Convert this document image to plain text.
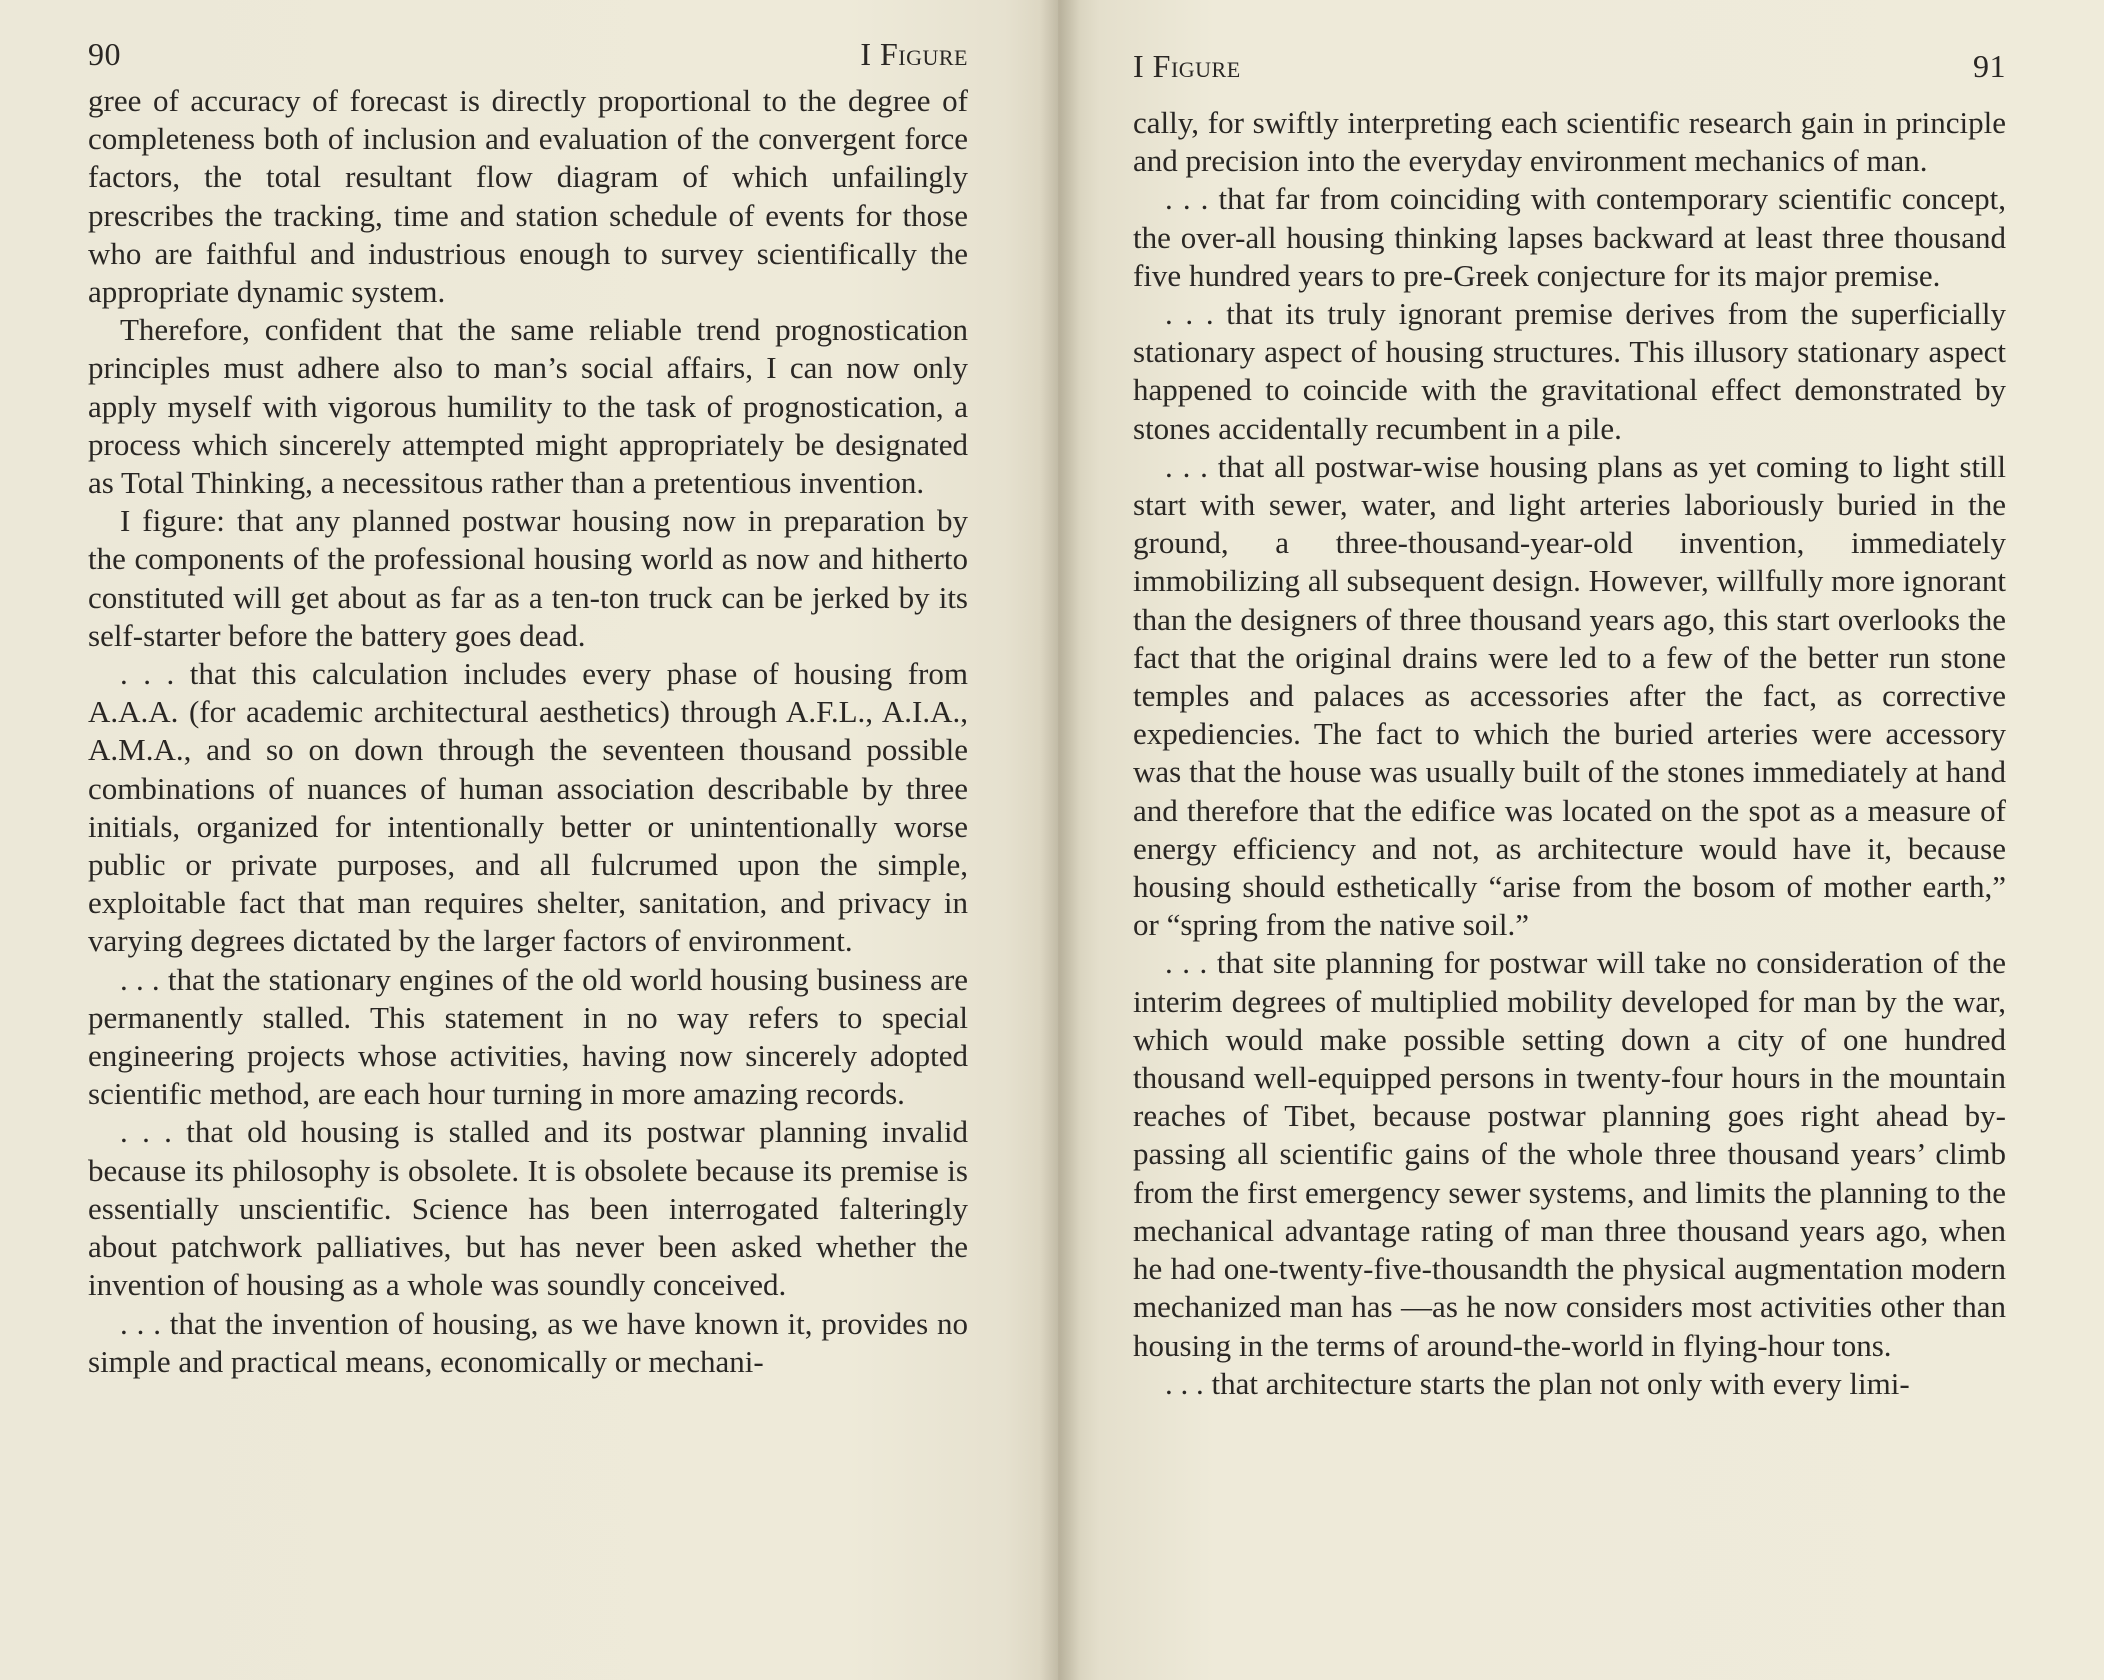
90	I Figure

gree of accuracy of forecast is directly proportional to the degree of completeness both of inclusion and evaluation of the convergent force factors, the total resultant flow diagram of which unfailingly prescribes the tracking, time and station schedule of events for those who are faithful and industrious enough to survey scientifically the appropriate dynamic system.

Therefore, confident that the same reliable trend prognostication principles must adhere also to man’s social affairs, I can now only apply myself with vigorous humility to the task of prognostication, a process which sincerely attempted might appropriately be designated as Total Thinking, a necessitous rather than a pretentious invention.

I figure: that any planned postwar housing now in preparation by the components of the professional housing world as now and hitherto constituted will get about as far as a ten-ton truck can be jerked by its self-starter before the battery goes dead.

. . . that this calculation includes every phase of housing from A.A.A. (for academic architectural aesthetics) through A.F.L., A.I.A., A.M.A., and so on down through the seventeen thousand possible combinations of nuances of human association describable by three initials, organized for intentionally better or unintentionally worse public or private purposes, and all fulcrumed upon the simple, exploitable fact that man requires shelter, sanitation, and privacy in varying degrees dictated by the larger factors of environment.

. . . that the stationary engines of the old world housing business are permanently stalled. This statement in no way refers to special engineering projects whose activities, having now sincerely adopted scientific method, are each hour turning in more amazing records.

. . . that old housing is stalled and its postwar planning invalid because its philosophy is obsolete. It is obsolete because its premise is essentially unscientific. Science has been interrogated falteringly about patchwork palliatives, but has never been asked whether the invention of housing as a whole was soundly conceived.

. . . that the invention of housing, as we have known it, provides no simple and practical means, economically or mechani-

I Figure	91

cally, for swiftly interpreting each scientific research gain in principle and precision into the everyday environment mechanics of man.

. . . that far from coinciding with contemporary scientific concept, the over-all housing thinking lapses backward at least three thousand five hundred years to pre-Greek conjecture for its major premise.

. . . that its truly ignorant premise derives from the superficially stationary aspect of housing structures. This illusory stationary aspect happened to coincide with the gravitational effect demonstrated by stones accidentally recumbent in a pile.

. . . that all postwar-wise housing plans as yet coming to light still start with sewer, water, and light arteries laboriously buried in the ground, a three-thousand-year-old invention, immediately immobilizing all subsequent design. However, willfully more ignorant than the designers of three thousand years ago, this start overlooks the fact that the original drains were led to a few of the better run stone temples and palaces as accessories after the fact, as corrective expediencies. The fact to which the buried arteries were accessory was that the house was usually built of the stones immediately at hand and therefore that the edifice was located on the spot as a measure of energy efficiency and not, as architecture would have it, because housing should esthetically “arise from the bosom of mother earth,” or “spring from the native soil.”

. . . that site planning for postwar will take no consideration of the interim degrees of multiplied mobility developed for man by the war, which would make possible setting down a city of one hundred thousand well-equipped persons in twenty-four hours in the mountain reaches of Tibet, because postwar planning goes right ahead by-passing all scientific gains of the whole three thousand years’ climb from the first emergency sewer systems, and limits the planning to the mechanical advantage rating of man three thousand years ago, when he had one-twenty-five-thousandth the physical augmentation modern mechanized man has —as he now considers most activities other than housing in the terms of around-the-world in flying-hour tons.

. . . that architecture starts the plan not only with every limi-
